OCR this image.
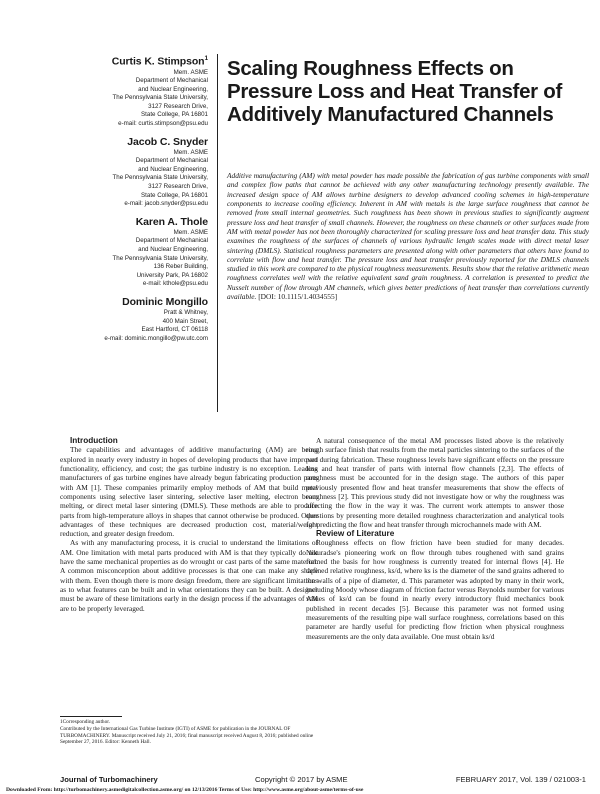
Curtis K. Stimpson$^1$
Mem. ASME
Department of Mechanical
and Nuclear Engineering,
The Pennsylvania State University,
3127 Research Drive,
State College, PA 16801
e-mail: curtis.stimpson@psu.edu
Jacob C. Snyder
Mem. ASME
Department of Mechanical
and Nuclear Engineering,
The Pennsylvania State University,
3127 Research Drive,
State College, PA 16801
e-mail: jacob.snyder@psu.edu
Karen A. Thole
Mem. ASME
Department of Mechanical
and Nuclear Engineering,
The Pennsylvania State University,
136 Reber Building,
University Park, PA 16802
e-mail: kthole@psu.edu
Dominic Mongillo
Pratt & Whitney,
400 Main Street,
East Hartford, CT 06118
e-mail: dominic.mongillo@pw.utc.com
Scaling Roughness Effects on Pressure Loss and Heat Transfer of Additively Manufactured Channels

Additive manufacturing (AM) with metal powder has made possible the fabrication of gas turbine components with small and complex flow paths that cannot be achieved with any other manufacturing technology presently available. The increased design space of AM allows turbine designers to develop advanced cooling schemes in high-temperature components to increase cooling efficiency. Inherent in AM with metals is the large surface roughness that cannot be removed from small internal geometries. Such roughness has been shown in previous studies to significantly augment pressure loss and heat transfer of small channels. However, the roughness on these channels or other surfaces made from AM with metal powder has not been thoroughly characterized for scaling pressure loss and heat transfer data. This study examines the roughness of the surfaces of channels of various hydraulic length scales made with direct metal laser sintering (DMLS). Statistical roughness parameters are presented along with other parameters that others have found to correlate with flow and heat transfer. The pressure loss and heat transfer previously reported for the DMLS channels studied in this work are compared to the physical roughness measurements. Results show that the relative arithmetic mean roughness correlates well with the relative equivalent sand grain roughness. A correlation is presented to predict the Nusselt number of flow through AM channels, which gives better predictions of heat transfer than correlations currently available. [DOI: 10.1115/1.4034555]

Introduction

The capabilities and advantages of additive manufacturing (AM) are being explored in nearly every industry in hopes of developing products that have improved functionality, efficiency, and cost; the gas turbine industry is no exception. Leading manufacturers of gas turbine engines have already begun fabricating production parts with AM [1]. These companies primarily employ methods of AM that build metal components using selective laser sintering, selective laser melting, electron beam melting, or direct metal laser sintering (DMLS). These methods are able to produce parts from high-temperature alloys in shapes that cannot otherwise be produced. Other advantages of these techniques are decreased production cost, material/weight reduction, and greater design freedom.

As with any manufacturing process, it is crucial to understand the limitations of AM. One limitation with metal parts produced with AM is that they typically do not have the same mechanical properties as do wrought or cast parts of the same material. A common misconception about additive processes is that one can make any shape with them. Even though there is more design freedom, there are significant limitations as to what features can be built and in what orientations they can be built. A designer must be aware of these limitations early in the design process if the advantages of AM are to be properly leveraged.

A natural consequence of the metal AM processes listed above is the relatively rough surface finish that results from the metal particles sintering to the surfaces of the part during fabrication. These roughness levels have significant effects on the pressure loss and heat transfer of parts with internal flow channels [2,3]. The effects of roughness must be accounted for in the design stage. The authors of this paper previously presented flow and heat transfer measurements that show the effects of roughness [2]. This previous study did not investigate how or why the roughness was affecting the flow in the way it was. The current work attempts to answer those questions by presenting more detailed roughness characterization and analytical tools for predicting the flow and heat transfer through microchannels made with AM.

Review of Literature

Roughness effects on flow friction have been studied for many decades. Nikuradse's pioneering work on flow through tubes roughened with sand grains formed the basis for how roughness is currently treated for internal flows [4]. He defined relative roughness, ks/d, where ks is the diameter of the sand grains adhered to the walls of a pipe of diameter, d. This parameter was adopted by many in their work, including Moody whose diagram of friction factor versus Reynolds number for various values of ks/d can be found in nearly every introductory fluid mechanics book published in recent decades [5]. Because this parameter was not formed using measurements of the resulting pipe wall surface roughness, correlations based on this parameter are hardly useful for predicting flow friction when physical roughness measurements are the only data available. One must obtain ks/d

1Corresponding author.

Contributed by the International Gas Turbine Institute (IGTI) of ASME for publication in the JOURNAL OF TURBOMACHINERY. Manuscript received July 21, 2016; final manuscript received August 8, 2016; published online September 27, 2016. Editor: Kenneth Hall.

Journal of Turbomachinery	Copyright © 2017 by ASME	FEBRUARY 2017, Vol. 139 / 021003-1
Downloaded From: http://turbomachinery.asmedigitalcollection.asme.org/ on 12/13/2016 Terms of Use: http://www.asme.org/about-asme/terms-of-use
